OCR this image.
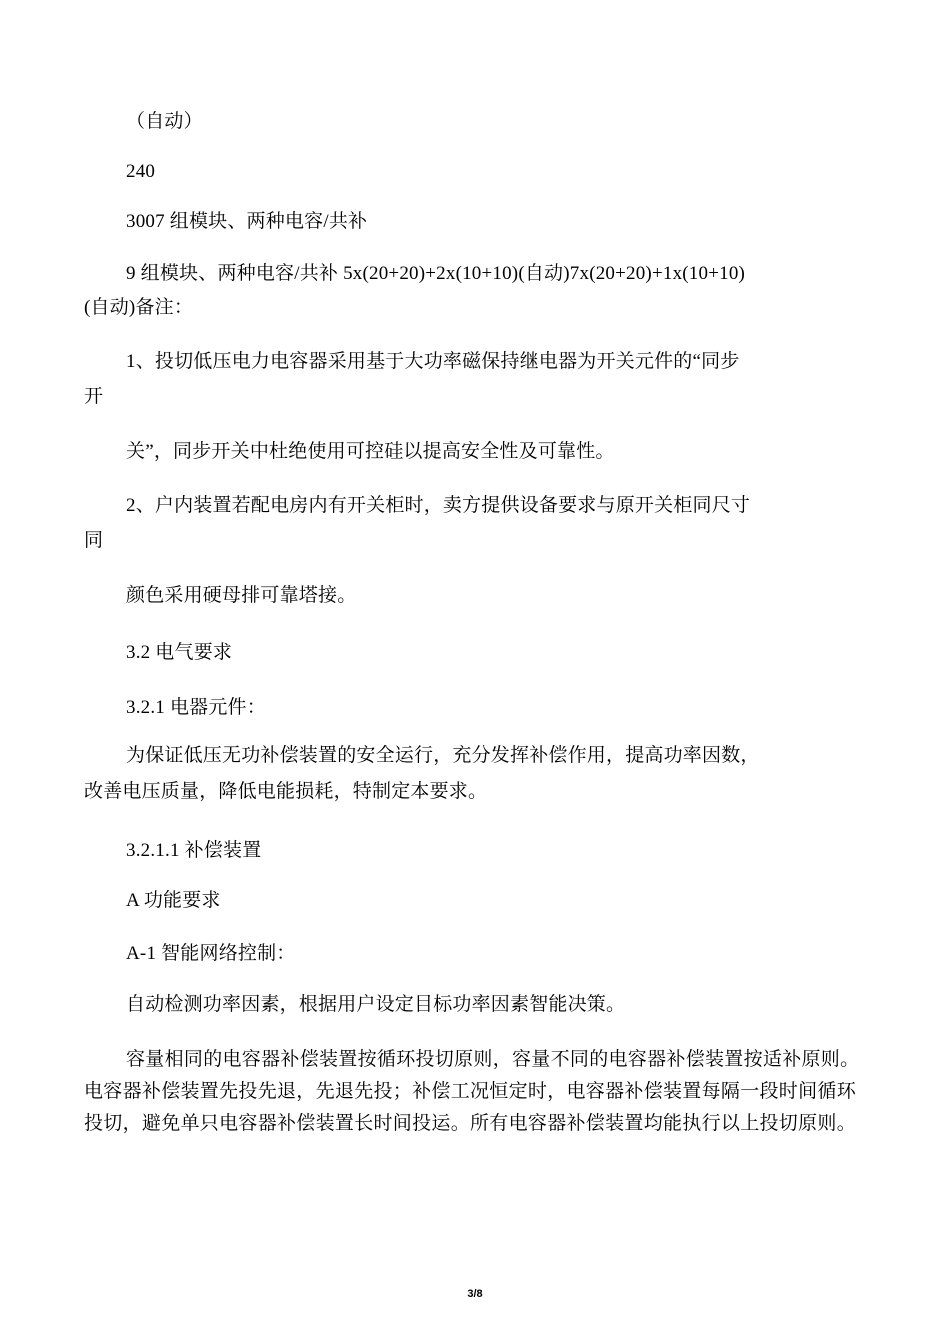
（自动）
240
3007 组模块、两种电容/共补
9 组模块、两种电容/共补 5x(20+20)+2x(10+10)(自动)7x(20+20)+1x(10+10)
(自动)备注：
1、投切低压电力电容器采用基于大功率磁保持继电器为开关元件的“同步
开
关”，同步开关中杜绝使用可控硅以提高安全性及可靠性。
2、户内装置若配电房内有开关柜时，卖方提供设备要求与原开关柜同尺寸
同
颜色采用硬母排可靠塔接。
3.2 电气要求
3.2.1 电器元件：
为保证低压无功补偿装置的安全运行，充分发挥补偿作用，提高功率因数，
改善电压质量，降低电能损耗，特制定本要求。
3.2.1.1 补偿装置
A 功能要求
A-1 智能网络控制：
自动检测功率因素，根据用户设定目标功率因素智能决策。
容量相同的电容器补偿装置按循环投切原则，容量不同的电容器补偿装置按适补原则。电容器补偿装置先投先退，先退先投；补偿工况恒定时，电容器补偿装置每隔一段时间循环投切，避免单只电容器补偿装置长时间投运。所有电容器补偿装置均能执行以上投切原则。
3/8
